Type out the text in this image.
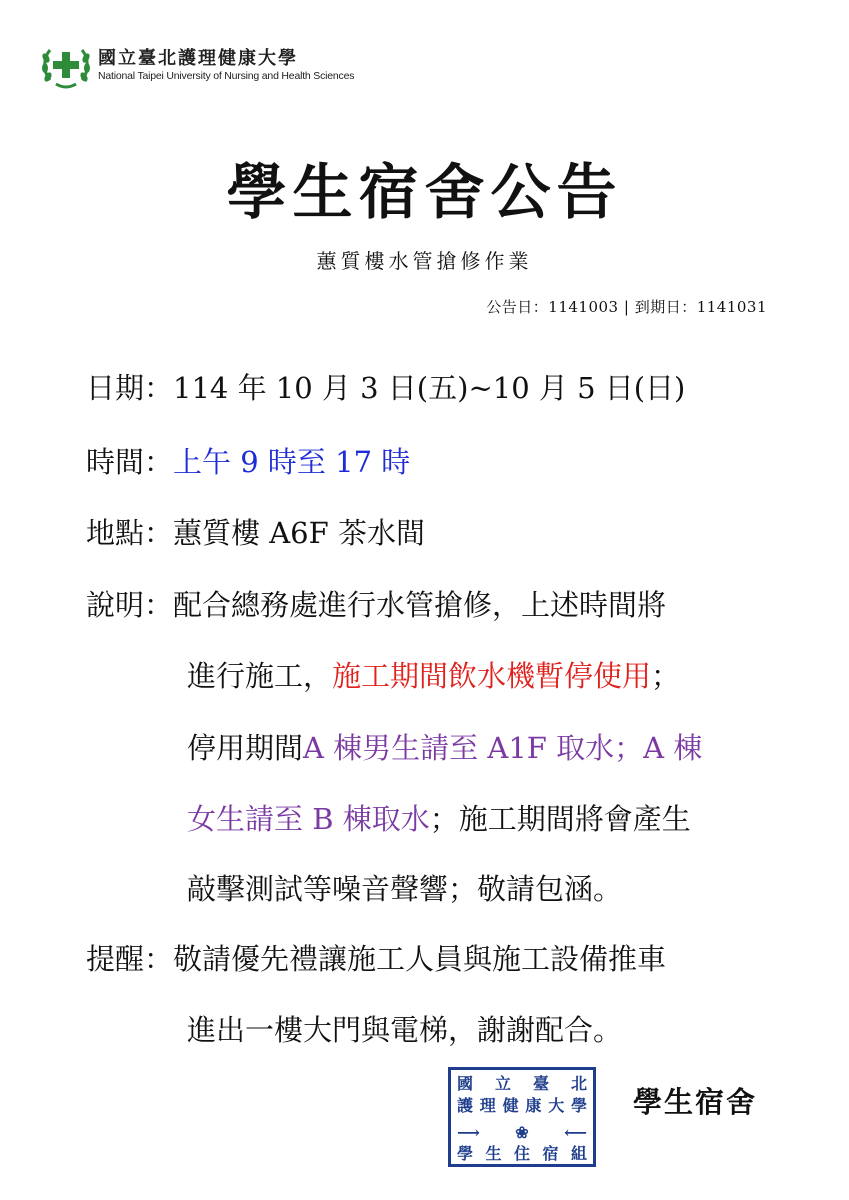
國立臺北護理健康大學
National Taipei University of Nursing and Health Sciences
學生宿舍公告
蕙質樓水管搶修作業
公告日：1141003 | 到期日：1141031
日期：114 年 10 月 3 日(五)~10 月 5 日(日)
時間：上午 9 時至 17 時
地點：蕙質樓 A6F 茶水間
說明：配合總務處進行水管搶修，上述時間將
進行施工，施工期間飲水機暫停使用；
停用期間A 棟男生請至 A1F 取水；A 棟
女生請至 B 棟取水；施工期間將會產生
敲擊測試等噪音聲響；敬請包涵。
提醒：敬請優先禮讓施工人員與施工設備推車
進出一樓大門與電梯，謝謝配合。
國 立 臺 北
護 理 健 康 大 學
⟶ ❀ ⟵
學 生 住 宿 組
學生宿舍
